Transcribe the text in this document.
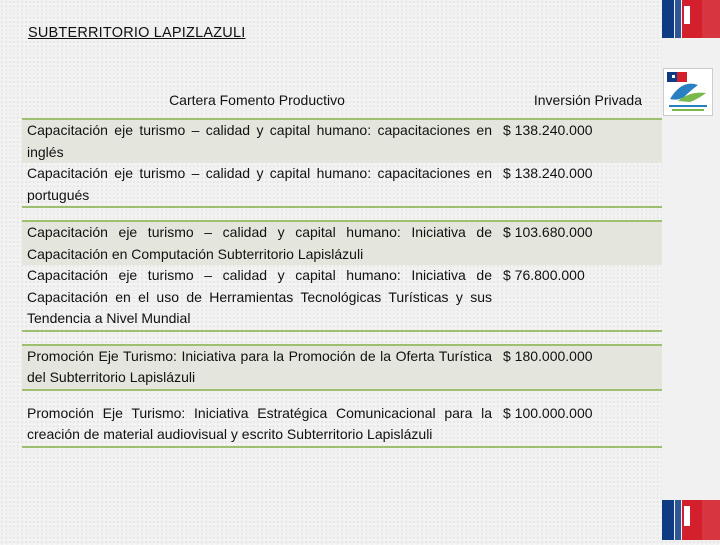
SUBTERRITORIO LAPIZLAZULI
Cartera Fomento Productivo	Inversión Privada
Capacitación eje turismo – calidad y capital humano: capacitaciones en inglés	$ 138.240.000
Capacitación eje turismo – calidad y capital humano: capacitaciones en portugués	$ 138.240.000

Capacitación eje turismo – calidad y capital humano: Iniciativa de Capacitación en Computación Subterritorio Lapislázuli	$ 103.680.000
Capacitación eje turismo – calidad y capital humano: Iniciativa de Capacitación en el uso de Herramientas Tecnológicas Turísticas y sus Tendencia a Nivel Mundial	$ 76.800.000

Promoción Eje Turismo: Iniciativa para la Promoción de la Oferta Turística del Subterritorio Lapislázuli	$ 180.000.000

Promoción Eje Turismo: Iniciativa Estratégica Comunicacional para la creación de material audiovisual y escrito Subterritorio Lapislázuli	$ 100.000.000
